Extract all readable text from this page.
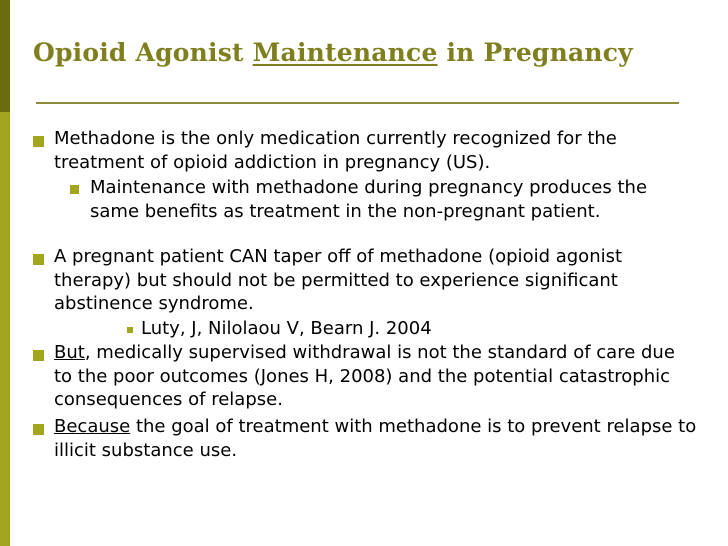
Opioid Agonist Maintenance in Pregnancy
Methadone is the only medication currently recognized for the treatment of opioid addiction in pregnancy (US).
Maintenance with methadone during pregnancy produces the same benefits as treatment in the non-pregnant patient.
A pregnant patient CAN taper off of methadone (opioid agonist therapy) but should not be permitted to experience significant abstinence syndrome.
Luty, J, Nilolaou V, Bearn J. 2004
But, medically supervised withdrawal is not the standard of care due to the poor outcomes (Jones H, 2008) and the potential catastrophic consequences of relapse.
Because the goal of treatment with methadone is to prevent relapse to illicit substance use.
